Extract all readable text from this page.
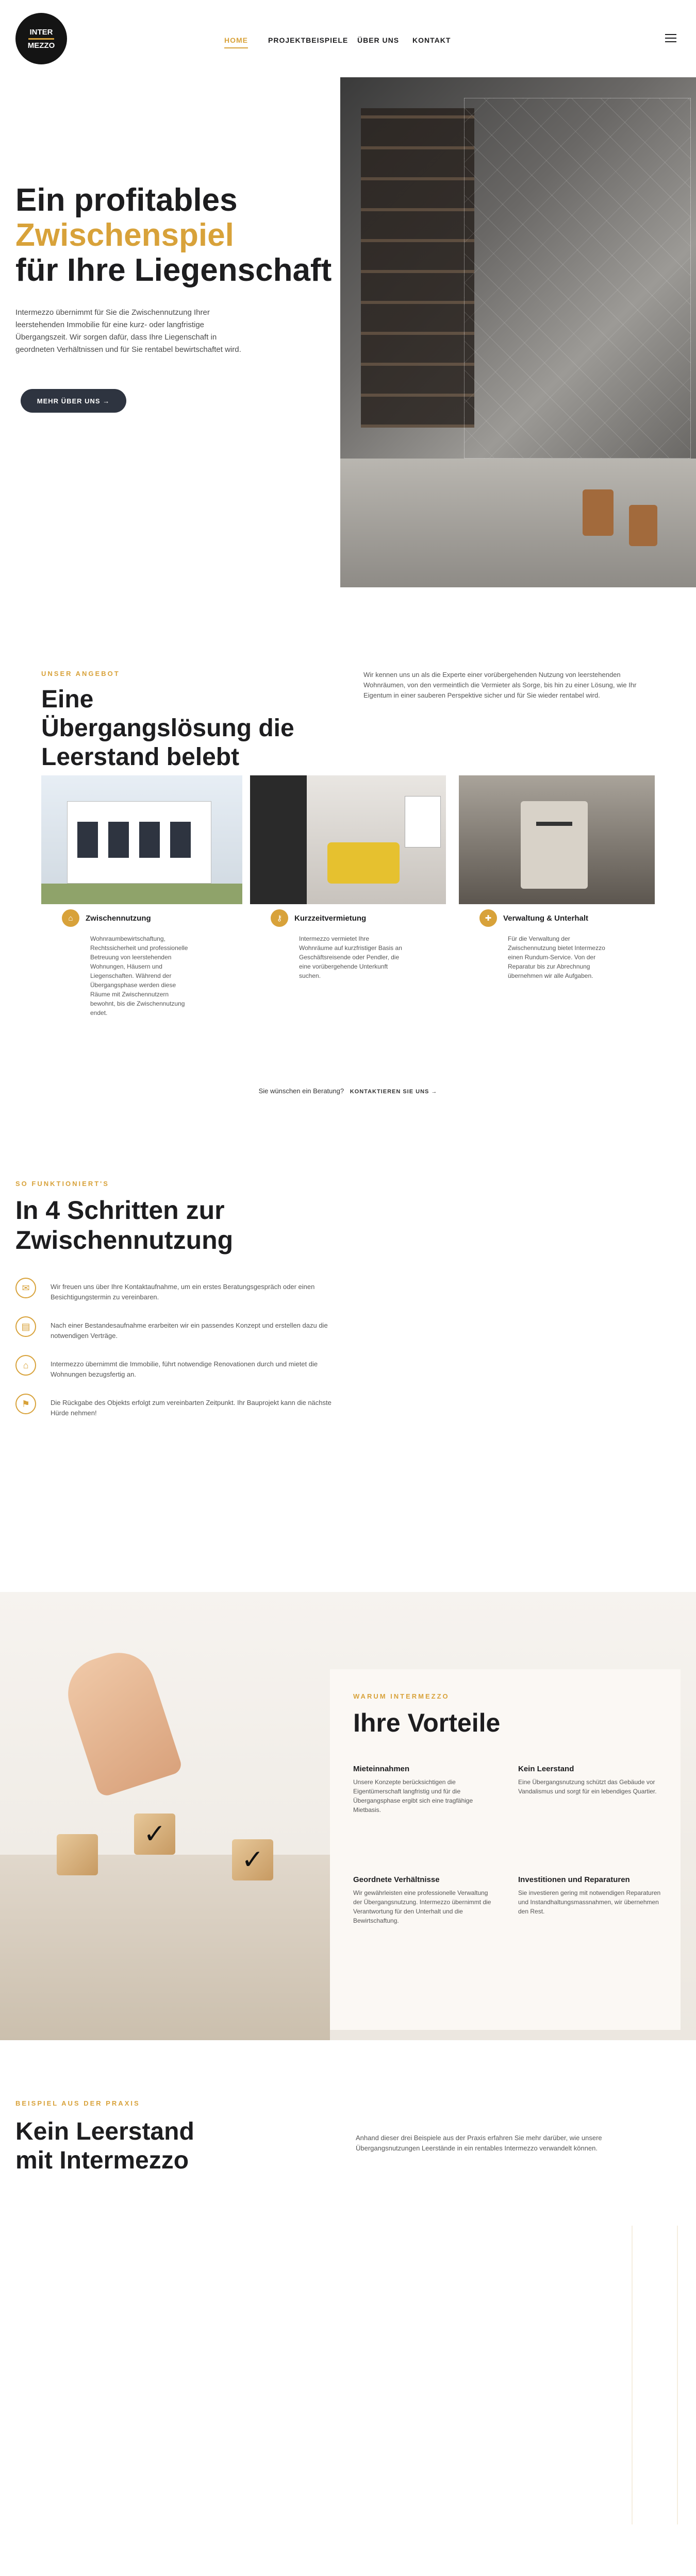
INTER
MEZZO
HOME	PROJEKTBEISPIELE ÜBER UNS KONTAKT
Ein profitables
Zwischenspiel
für Ihre Liegenschaft

Intermezzo übernimmt für Sie die Zwischennutzung Ihrer leerstehenden Immobilie für eine kurz- oder langfristige Übergangszeit. Wir sorgen dafür, dass Ihre Liegenschaft in geordneten Verhältnissen und für Sie rentabel bewirtschaftet wird.

MEHR ÜBER UNS →
UNSER ANGEBOT
Eine Übergangslösung die Leerstand belebt

Wir kennen uns un als die Experte einer vorübergehenden Nutzung von leerstehenden Wohnräumen, von den vermeintlich die Vermieter als Sorge, bis hin zu einer Lösung, wie Ihr Eigentum in einer sauberen Perspektive sicher und für Sie wieder rentabel wird.

⌂	Zwischennutzung

Wohnraumbewirtschaftung, Rechtssicherheit und professionelle Betreuung von leerstehenden Wohnungen, Häusern und Liegenschaften. Während der Übergangsphase werden diese Räume mit Zwischennutzern bewohnt, bis die Zwischennutzung endet.

⚷	Kurzzeitvermietung

Intermezzo vermietet Ihre Wohnräume auf kurzfristiger Basis an Geschäftsreisende oder Pendler, die eine vorübergehende Unterkunft suchen.

✚	Verwaltung & Unterhalt

Für die Verwaltung der Zwischennutzung bietet Intermezzo einen Rundum-Service. Von der Reparatur bis zur Abrechnung übernehmen wir alle Aufgaben.

Sie wünschen ein Beratung? KONTAKTIEREN SIE UNS →
SO FUNKTIONIERT'S
In 4 Schritten zur Zwischennutzung
✉	Wir freuen uns über Ihre Kontaktaufnahme, um ein erstes Beratungsgespräch oder einen Besichtigungstermin zu vereinbaren.

▤	Nach einer Bestandesaufnahme erarbeiten wir ein passendes Konzept und erstellen dazu die notwendigen Verträge.

⌂	Intermezzo übernimmt die Immobilie, führt notwendige Renovationen durch und mietet die Wohnungen bezugsfertig an.

⚑	Die Rückgabe des Objekts erfolgt zum vereinbarten Zeitpunkt. Ihr Bauprojekt kann die nächste Hürde nehmen!

✓
✓
WARUM INTERMEZZO
Ihre Vorteile
Mieteinnahmen

Unsere Konzepte berücksichtigen die Eigentümerschaft langfristig und für die Übergangsphase ergibt sich eine tragfähige Mietbasis.

Kein Leerstand

Eine Übergangsnutzung schützt das Gebäude vor Vandalismus und sorgt für ein lebendiges Quartier.

Geordnete Verhältnisse

Wir gewährleisten eine professionelle Verwaltung der Übergangsnutzung. Intermezzo übernimmt die Verantwortung für den Unterhalt und die Bewirtschaftung.

Investitionen und Reparaturen

Sie investieren gering mit notwendigen Reparaturen und Instandhaltungsmassnahmen, wir übernehmen den Rest.

BEISPIEL AUS DER PRAXIS
Kein Leerstand mit Intermezzo

Anhand dieser drei Beispiele aus der Praxis erfahren Sie mehr darüber, wie unsere Übergangsnutzungen Leerstände in ein rentables Intermezzo verwandelt können.
